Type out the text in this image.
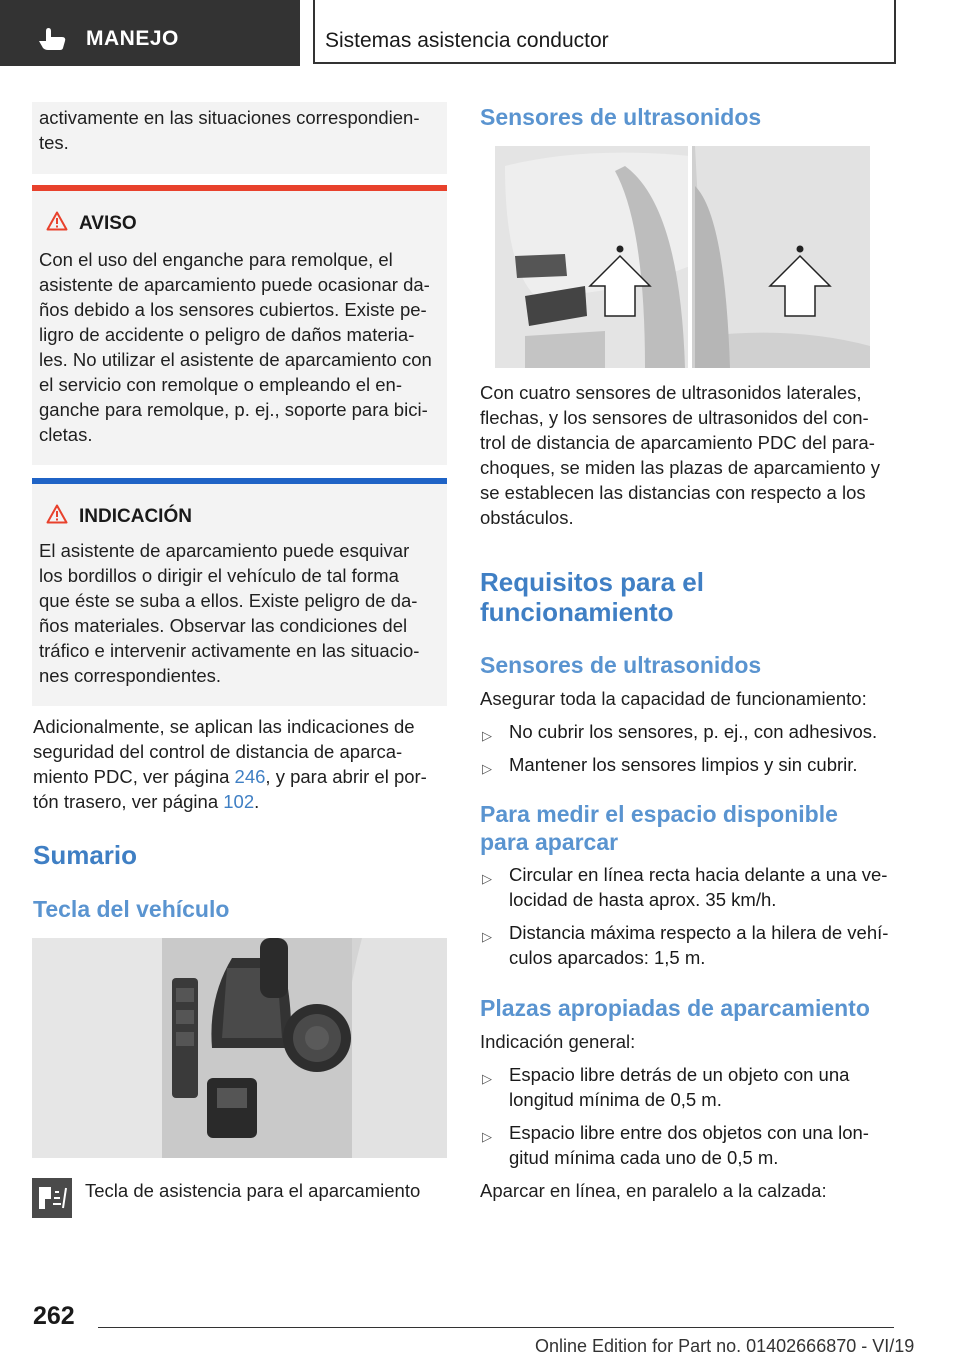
MANEJO	Sistemas asistencia conductor
activamente en las situaciones correspondien-
tes.
AVISO
Con el uso del enganche para remolque, el
asistente de aparcamiento puede ocasionar da-
ños debido a los sensores cubiertos. Existe pe-
ligro de accidente o peligro de daños materia-
les. No utilizar el asistente de aparcamiento con
el servicio con remolque o empleando el en-
ganche para remolque, p. ej., soporte para bici-
cletas.
INDICACIÓN
El asistente de aparcamiento puede esquivar
los bordillos o dirigir el vehículo de tal forma
que éste se suba a ellos. Existe peligro de da-
ños materiales. Observar las condiciones del
tráfico e intervenir activamente en las situacio-
nes correspondientes.
Adicionalmente, se aplican las indicaciones de
seguridad del control de distancia de aparca-
miento PDC, ver página 246, y para abrir el por-
tón trasero, ver página 102.
Sumario
Tecla del vehículo
Tecla de asistencia para el aparcamiento
Sensores de ultrasonidos
Con cuatro sensores de ultrasonidos laterales,
flechas, y los sensores de ultrasonidos del con-
trol de distancia de aparcamiento PDC del para-
choques, se miden las plazas de aparcamiento y
se establecen las distancias con respecto a los
obstáculos.
Requisitos para el
funcionamiento
Sensores de ultrasonidos
Asegurar toda la capacidad de funcionamiento:
▷ No cubrir los sensores, p. ej., con adhesivos.
▷ Mantener los sensores limpios y sin cubrir.
Para medir el espacio disponible
para aparcar
▷ Circular en línea recta hacia delante a una ve-
locidad de hasta aprox. 35 km/h.
▷ Distancia máxima respecto a la hilera de vehí-
culos aparcados: 1,5 m.
Plazas apropiadas de aparcamiento
Indicación general:
▷ Espacio libre detrás de un objeto con una
longitud mínima de 0,5 m.
▷ Espacio libre entre dos objetos con una lon-
gitud mínima cada uno de 0,5 m.
Aparcar en línea, en paralelo a la calzada:
262
Online Edition for Part no. 01402666870 - VI/19
